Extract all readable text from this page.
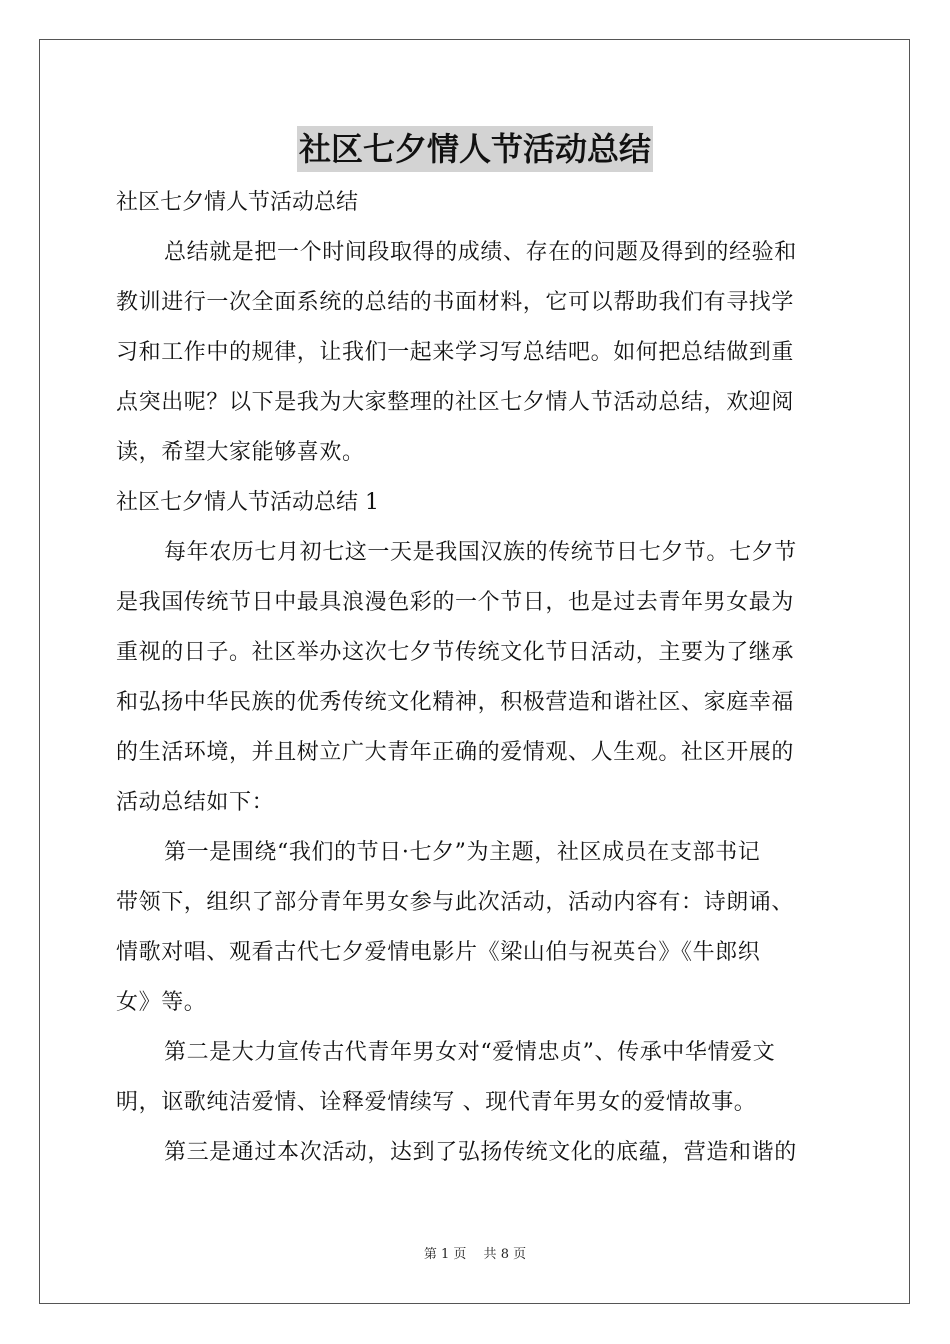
社区七夕情人节活动总结
社区七夕情人节活动总结
总结就是把一个时间段取得的成绩、存在的问题及得到的经验和
教训进行一次全面系统的总结的书面材料，它可以帮助我们有寻找学
习和工作中的规律，让我们一起来学习写总结吧。如何把总结做到重
点突出呢？以下是我为大家整理的社区七夕情人节活动总结，欢迎阅
读，希望大家能够喜欢。
社区七夕情人节活动总结 1
每年农历七月初七这一天是我国汉族的传统节日七夕节。七夕节
是我国传统节日中最具浪漫色彩的一个节日，也是过去青年男女最为
重视的日子。社区举办这次七夕节传统文化节日活动，主要为了继承
和弘扬中华民族的优秀传统文化精神，积极营造和谐社区、家庭幸福
的生活环境，并且树立广大青年正确的爱情观、人生观。社区开展的
活动总结如下：
第一是围绕“我们的节日·七夕”为主题，社区成员在支部书记
带领下，组织了部分青年男女参与此次活动，活动内容有：诗朗诵、
情歌对唱、观看古代七夕爱情电影片《梁山伯与祝英台》《牛郎织
女》等。
第二是大力宣传古代青年男女对“爱情忠贞”、传承中华情爱文
明，讴歌纯洁爱情、诠释爱情续写 、现代青年男女的爱情故事。
第三是通过本次活动，达到了弘扬传统文化的底蕴，营造和谐的
第 1 页　 共 8 页
